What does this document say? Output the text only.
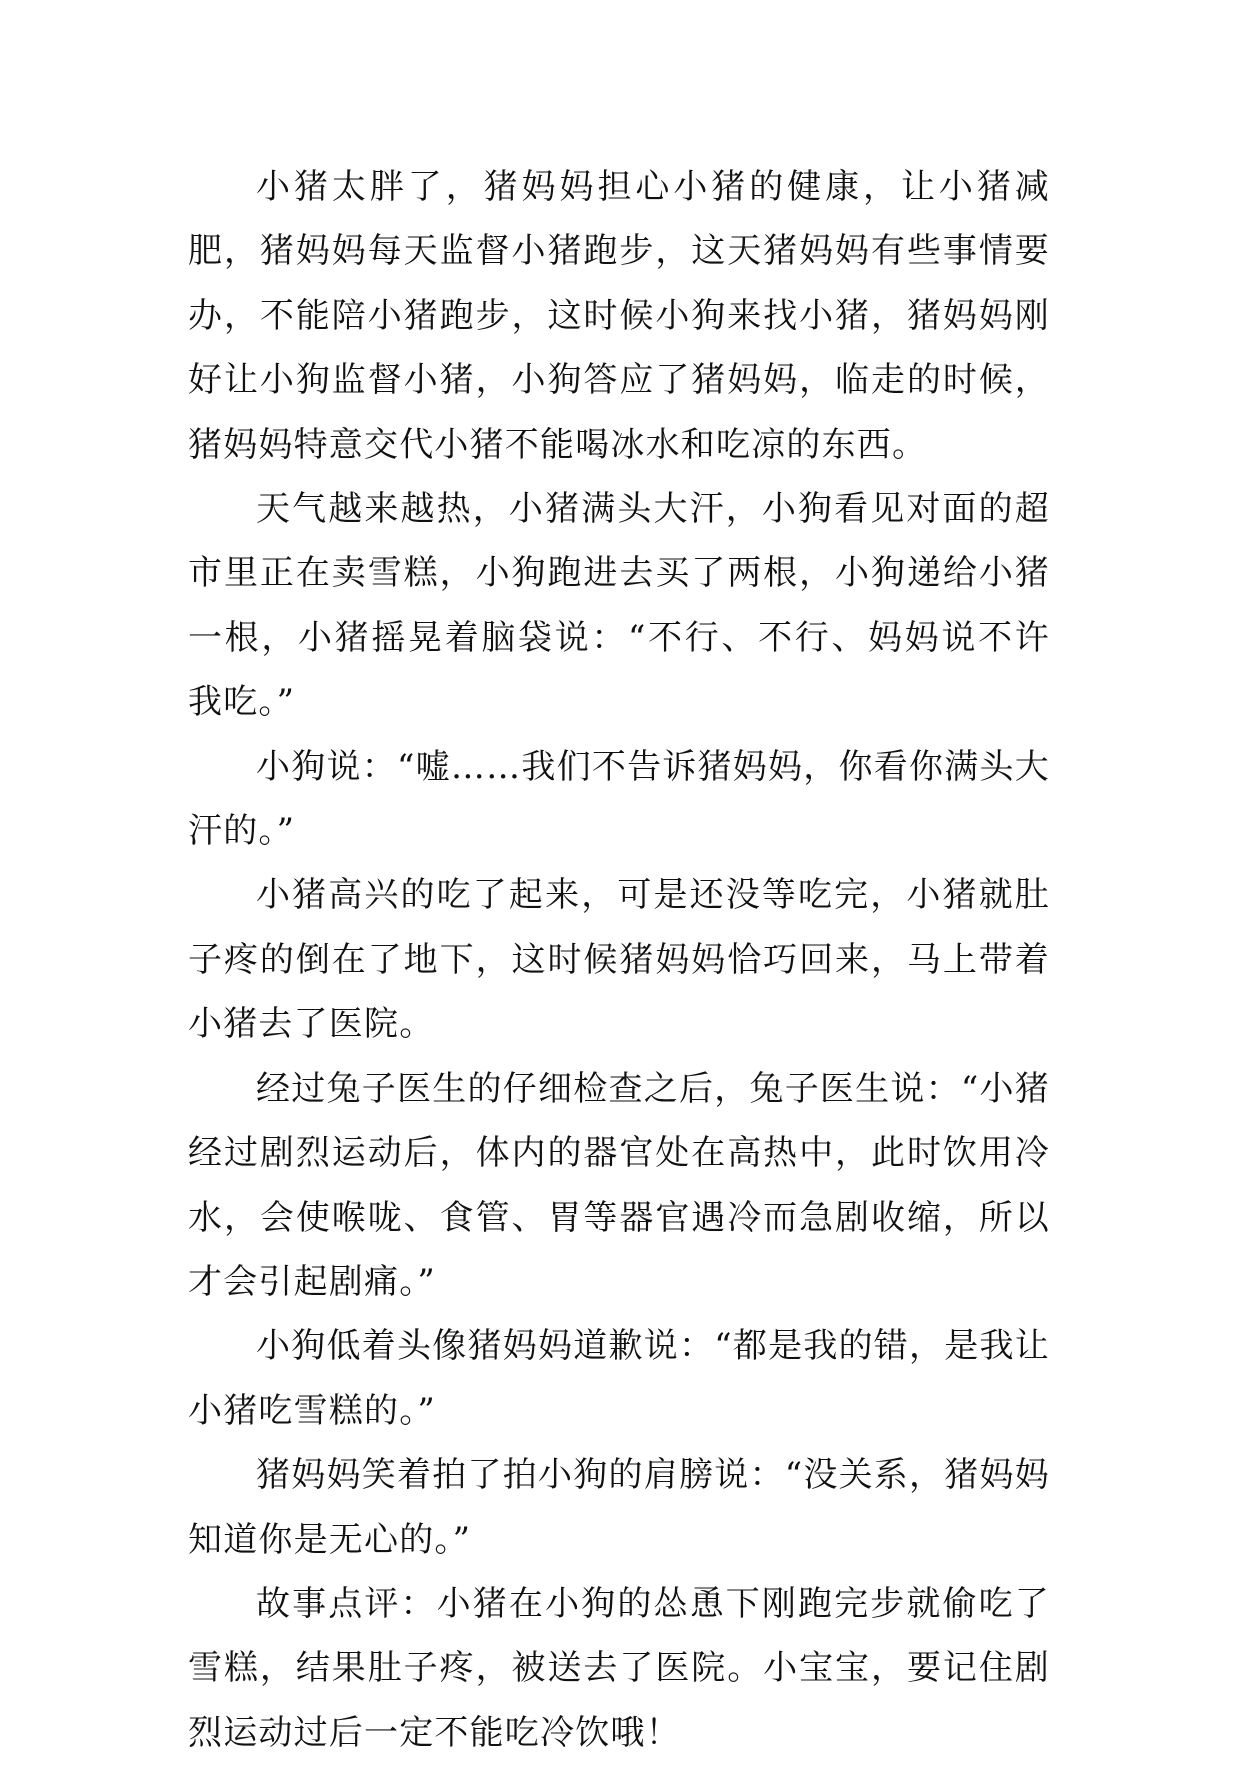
小猪太胖了，猪妈妈担心小猪的健康，让小猪减肥，猪妈妈每天监督小猪跑步，这天猪妈妈有些事情要办，不能陪小猪跑步，这时候小狗来找小猪，猪妈妈刚好让小狗监督小猪，小狗答应了猪妈妈，临走的时候，猪妈妈特意交代小猪不能喝冰水和吃凉的东西。

天气越来越热，小猪满头大汗，小狗看见对面的超市里正在卖雪糕，小狗跑进去买了两根，小狗递给小猪一根，小猪摇晃着脑袋说：“不行、不行、妈妈说不许我吃。”

小狗说：“嘘……我们不告诉猪妈妈，你看你满头大汗的。”

小猪高兴的吃了起来，可是还没等吃完，小猪就肚子疼的倒在了地下，这时候猪妈妈恰巧回来，马上带着小猪去了医院。

经过兔子医生的仔细检查之后，兔子医生说：“小猪经过剧烈运动后，体内的器官处在高热中，此时饮用冷水，会使喉咙、食管、胃等器官遇冷而急剧收缩，所以才会引起剧痛。”

小狗低着头像猪妈妈道歉说：“都是我的错，是我让小猪吃雪糕的。”

猪妈妈笑着拍了拍小狗的肩膀说：“没关系，猪妈妈知道你是无心的。”

故事点评：小猪在小狗的怂恿下刚跑完步就偷吃了雪糕，结果肚子疼，被送去了医院。小宝宝，要记住剧烈运动过后一定不能吃冷饮哦！
